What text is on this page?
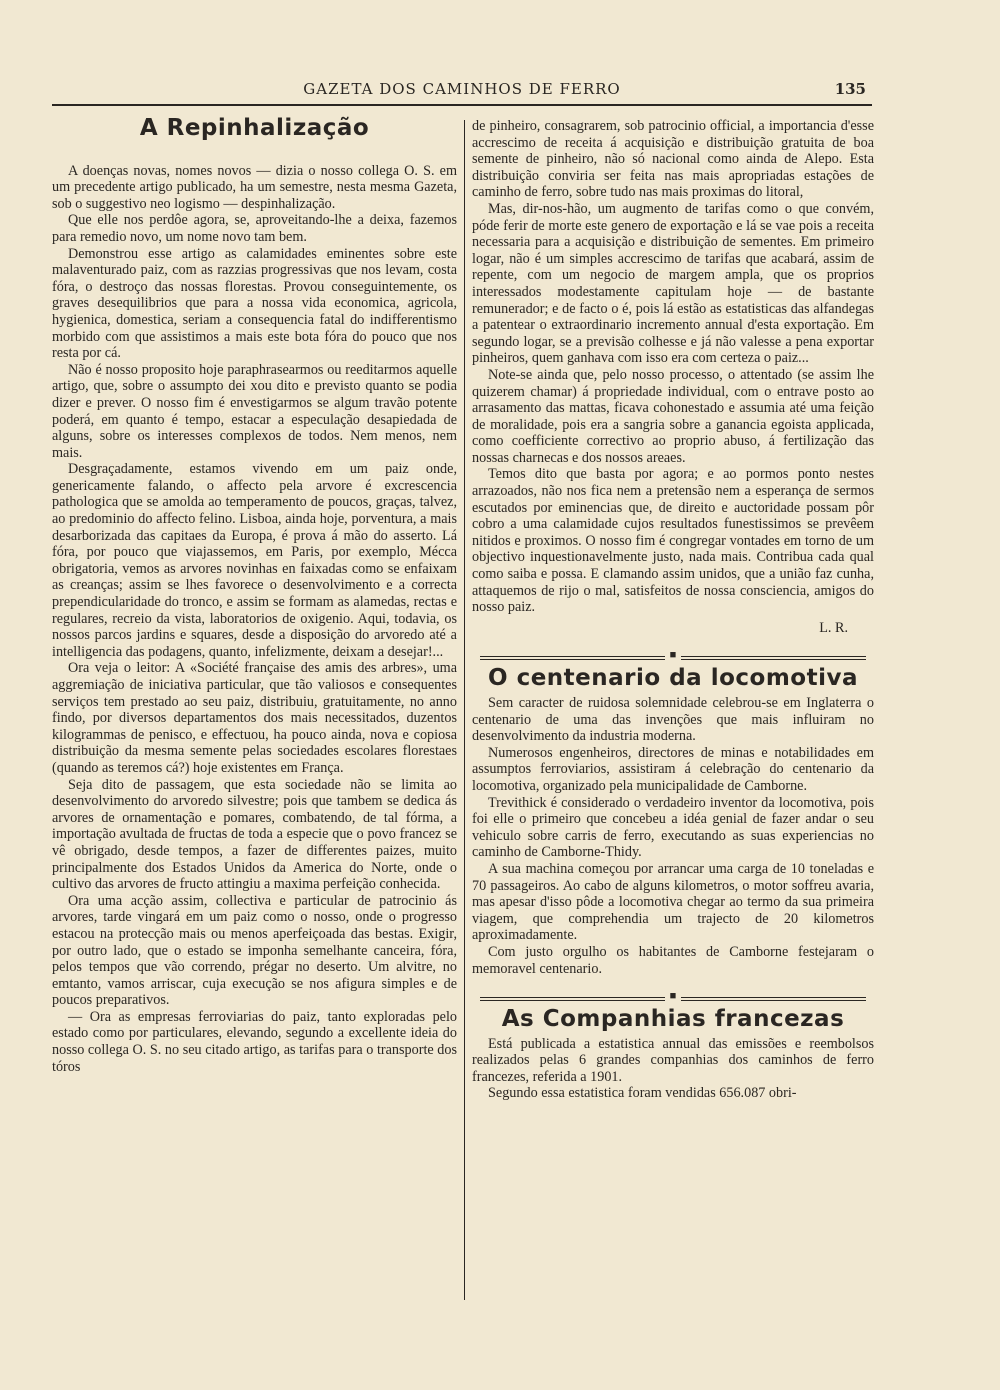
GAZETA DOS CAMINHOS DE FERRO	135
A Repinhalização

A doenças novas, nomes novos — dizia o nosso collega O. S. em um precedente artigo publicado, ha um semestre, nesta mesma Gazeta, sob o suggestivo neo logismo — despinhalização.

Que elle nos perdôe agora, se, aproveitando-lhe a deixa, fazemos para remedio novo, um nome novo tam bem.

Demonstrou esse artigo as calamidades eminentes sobre este malaventurado paiz, com as razzias progressivas que nos levam, costa fóra, o destroço das nossas florestas. Provou conseguintemente, os graves desequilibrios que para a nossa vida economica, agricola, hygienica, domestica, seriam a consequencia fatal do indifferentismo morbido com que assistimos a mais este bota fóra do pouco que nos resta por cá.

Não é nosso proposito hoje paraphrasearmos ou reeditarmos aquelle artigo, que, sobre o assumpto dei xou dito e previsto quanto se podia dizer e prever. O nosso fim é envestigarmos se algum travão potente poderá, em quanto é tempo, estacar a especulação desapiedada de alguns, sobre os interesses complexos de todos. Nem menos, nem mais.

Desgraçadamente, estamos vivendo em um paiz onde, genericamente falando, o affecto pela arvore é excrescencia pathologica que se amolda ao temperamento de poucos, graças, talvez, ao predominio do affecto felino. Lisboa, ainda hoje, porventura, a mais desarborizada das capitaes da Europa, é prova á mão do asserto. Lá fóra, por pouco que viajassemos, em Paris, por exemplo, Mécca obrigatoria, vemos as arvores novinhas en faixadas como se enfaixam as creanças; assim se lhes favorece o desenvolvimento e a correcta prependicularidade do tronco, e assim se formam as alamedas, rectas e regulares, recreio da vista, laboratorios de oxigenio. Aqui, todavia, os nossos parcos jardins e squares, desde a disposição do arvoredo até a intelligencia das podagens, quanto, infelizmente, deixam a desejar!...

Ora veja o leitor: A «Société française des amis des arbres», uma aggremiação de iniciativa particular, que tão valiosos e consequentes serviços tem prestado ao seu paiz, distribuiu, gratuitamente, no anno findo, por diversos departamentos dos mais necessitados, duzentos kilogrammas de penisco, e effectuou, ha pouco ainda, nova e copiosa distribuição da mesma semente pelas sociedades escolares florestaes (quando as teremos cá?) hoje existentes em França.

Seja dito de passagem, que esta sociedade não se limita ao desenvolvimento do arvoredo silvestre; pois que tambem se dedica ás arvores de ornamentação e pomares, combatendo, de tal fórma, a importação avultada de fructas de toda a especie que o povo francez se vê obrigado, desde tempos, a fazer de differentes paizes, muito principalmente dos Estados Unidos da America do Norte, onde o cultivo das arvores de fructo attingiu a maxima perfeição conhecida.

Ora uma acção assim, collectiva e particular de patrocinio ás arvores, tarde vingará em um paiz como o nosso, onde o progresso estacou na protecção mais ou menos aperfeiçoada das bestas. Exigir, por outro lado, que o estado se imponha semelhante canceira, fóra, pelos tempos que vão correndo, prégar no deserto. Um alvitre, no emtanto, vamos arriscar, cuja execução se nos afigura simples e de poucos preparativos.

— Ora as empresas ferroviarias do paiz, tanto exploradas pelo estado como por particulares, elevando, segundo a excellente ideia do nosso collega O. S. no seu citado artigo, as tarifas para o transporte dos tóros

de pinheiro, consagrarem, sob patrocinio official, a importancia d'esse accrescimo de receita á acquisição e distribuição gratuita de boa semente de pinheiro, não só nacional como ainda de Alepo. Esta distribuição conviria ser feita nas mais apropriadas estações de caminho de ferro, sobre tudo nas mais proximas do litoral,

Mas, dir-nos-hão, um augmento de tarifas como o que convém, póde ferir de morte este genero de exportação e lá se vae pois a receita necessaria para a acquisição e distribuição de sementes. Em primeiro logar, não é um simples accrescimo de tarifas que acabará, assim de repente, com um negocio de margem ampla, que os proprios interessados modestamente capitulam hoje — de bastante remunerador; e de facto o é, pois lá estão as estatisticas das alfandegas a patentear o extraordinario incremento annual d'esta exportação. Em segundo logar, se a previsão colhesse e já não valesse a pena exportar pinheiros, quem ganhava com isso era com certeza o paiz...

Note-se ainda que, pelo nosso processo, o attentado (se assim lhe quizerem chamar) á propriedade individual, com o entrave posto ao arrasamento das mattas, ficava cohonestado e assumia até uma feição de moralidade, pois era a sangria sobre a ganancia egoista applicada, como coefficiente correctivo ao proprio abuso, á fertilização das nossas charnecas e dos nossos areaes.

Temos dito que basta por agora; e ao pormos ponto nestes arrazoados, não nos fica nem a pretensão nem a esperança de sermos escutados por eminencias que, de direito e auctoridade possam pôr cobro a uma calamidade cujos resultados funestissimos se prevêem nitidos e proximos. O nosso fim é congregar vontades em torno de um objectivo inquestionavelmente justo, nada mais. Contribua cada qual como saiba e possa. E clamando assim unidos, que a união faz cunha, attaquemos de rijo o mal, satisfeitos de nossa consciencia, amigos do nosso paiz.

L. R.
■
O centenario da locomotiva

Sem caracter de ruidosa solemnidade celebrou-se em Inglaterra o centenario de uma das invenções que mais influiram no desenvolvimento da industria moderna.

Numerosos engenheiros, directores de minas e notabilidades em assumptos ferroviarios, assistiram á celebração do centenario da locomotiva, organizado pela municipalidade de Camborne.

Trevithick é considerado o verdadeiro inventor da locomotiva, pois foi elle o primeiro que concebeu a idéa genial de fazer andar o seu vehiculo sobre carris de ferro, executando as suas experiencias no caminho de Camborne-Thidy.

A sua machina começou por arrancar uma carga de 10 toneladas e 70 passageiros. Ao cabo de alguns kilometros, o motor soffreu avaria, mas apesar d'isso pôde a locomotiva chegar ao termo da sua primeira viagem, que comprehendia um trajecto de 20 kilometros aproximadamente.

Com justo orgulho os habitantes de Camborne festejaram o memoravel centenario.

■
As Companhias francezas

Está publicada a estatistica annual das emissões e reembolsos realizados pelas 6 grandes companhias dos caminhos de ferro francezes, referida a 1901.

Segundo essa estatistica foram vendidas 656.087 obri-
